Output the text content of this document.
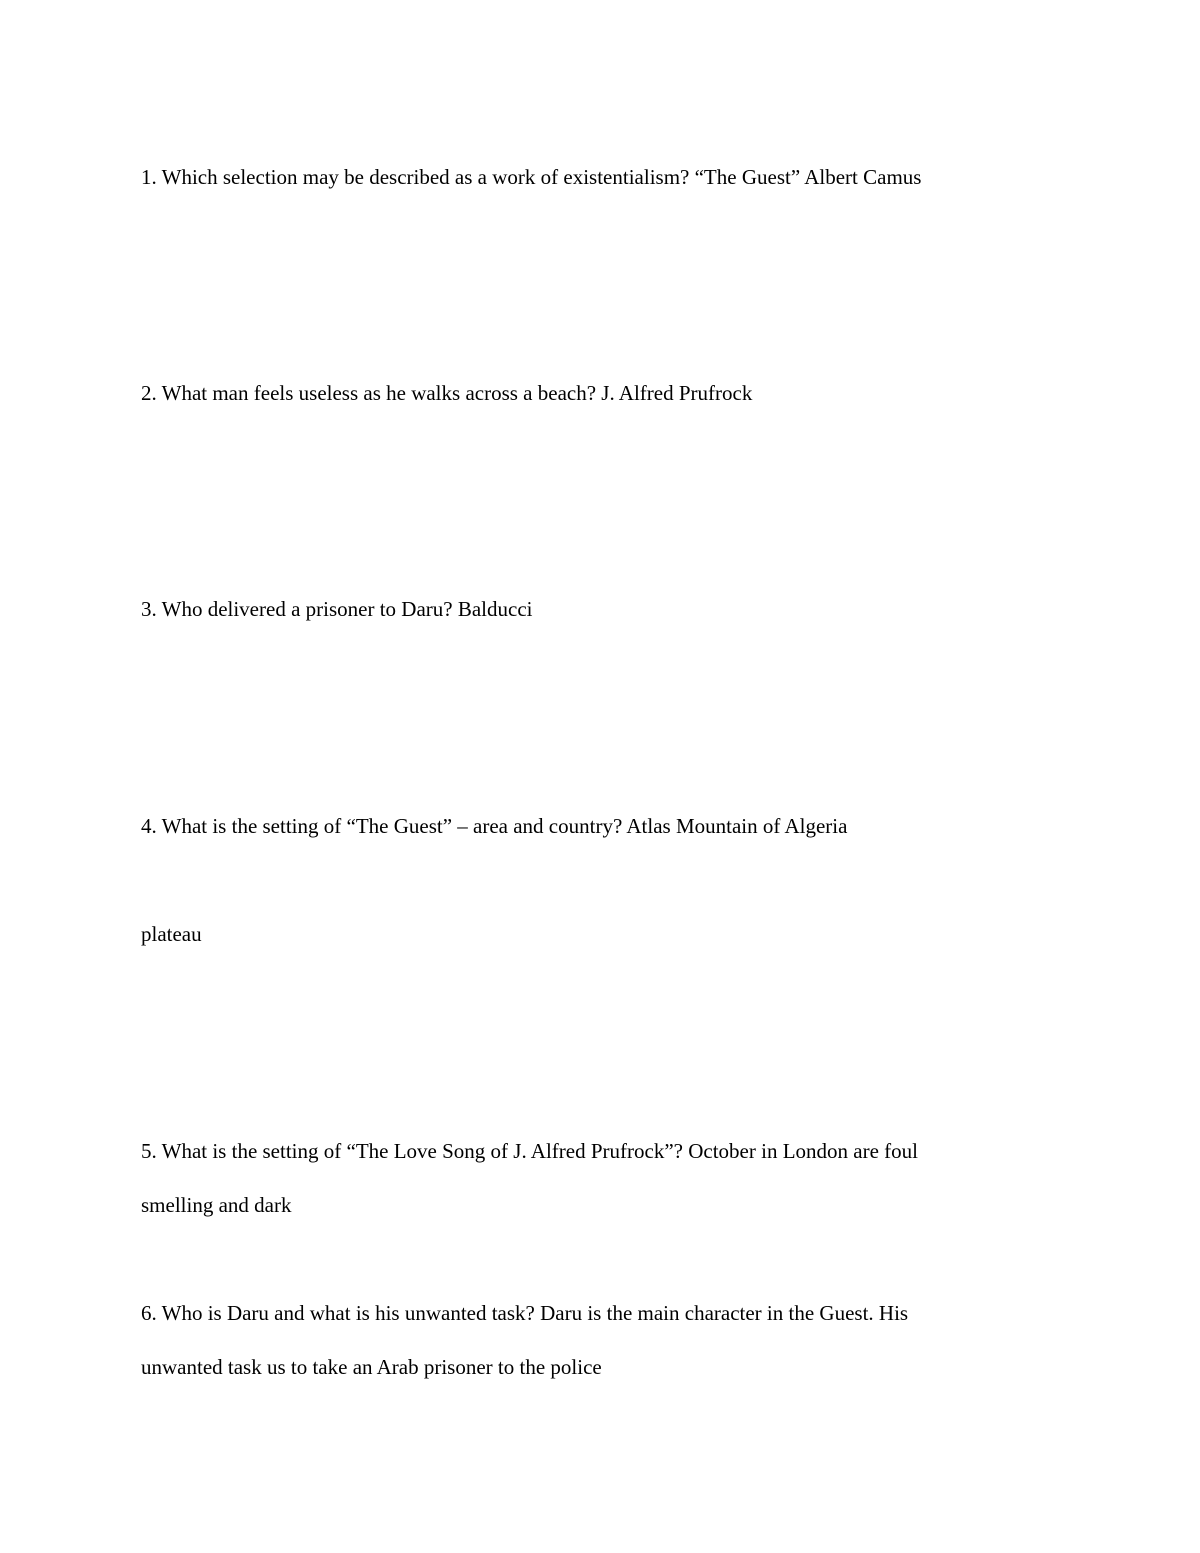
1. Which selection may be described as a work of existentialism? “The Guest” Albert Camus

2. What man feels useless as he walks across a beach? J. Alfred Prufrock

3. Who delivered a prisoner to Daru? Balducci

4. What is the setting of “The Guest” – area and country? Atlas Mountain of Algeria

plateau

5. What is the setting of “The Love Song of J. Alfred Prufrock”? October in London are foul

smelling and dark

6. Who is Daru and what is his unwanted task? Daru is the main character in the Guest. His

unwanted task us to take an Arab prisoner to the police
